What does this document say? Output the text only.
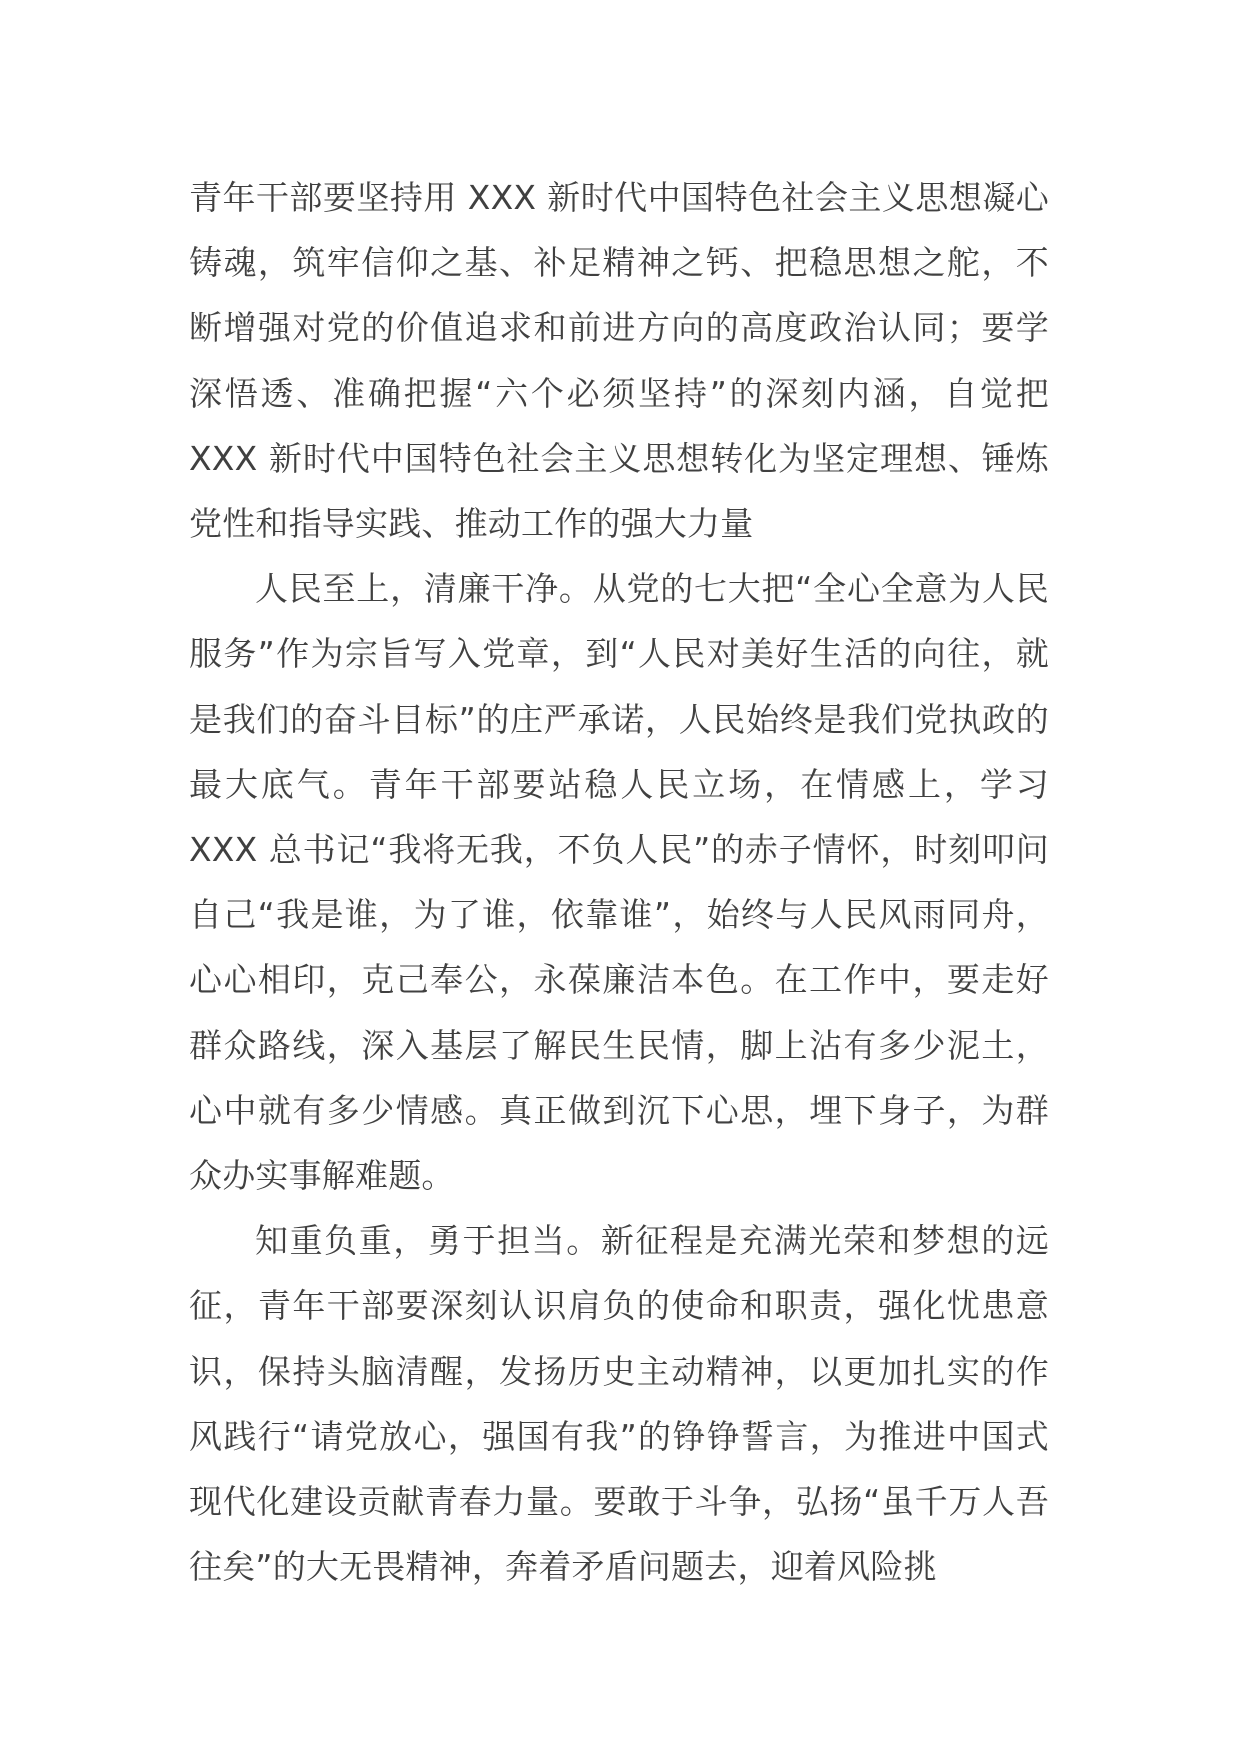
青年干部要坚持用 XXX 新时代中国特色社会主义思想凝心铸魂，筑牢信仰之基、补足精神之钙、把稳思想之舵，不断增强对党的价值追求和前进方向的高度政治认同；要学深悟透、准确把握“六个必须坚持”的深刻内涵，自觉把 XXX 新时代中国特色社会主义思想转化为坚定理想、锤炼党性和指导实践、推动工作的强大力量

人民至上，清廉干净。从党的七大把“全心全意为人民服务”作为宗旨写入党章，到“人民对美好生活的向往，就是我们的奋斗目标”的庄严承诺，人民始终是我们党执政的最大底气。青年干部要站稳人民立场，在情感上，学习 XXX 总书记“我将无我，不负人民”的赤子情怀，时刻叩问自己“我是谁，为了谁，依靠谁”，始终与人民风雨同舟，心心相印，克己奉公，永葆廉洁本色。在工作中，要走好群众路线，深入基层了解民生民情，脚上沾有多少泥土，心中就有多少情感。真正做到沉下心思，埋下身子，为群众办实事解难题。

知重负重，勇于担当。新征程是充满光荣和梦想的远征，青年干部要深刻认识肩负的使命和职责，强化忧患意识，保持头脑清醒，发扬历史主动精神，以更加扎实的作风践行“请党放心，强国有我”的铮铮誓言，为推进中国式现代化建设贡献青春力量。要敢于斗争，弘扬“虽千万人吾往矣”的大无畏精神，奔着矛盾问题去，迎着风险挑
